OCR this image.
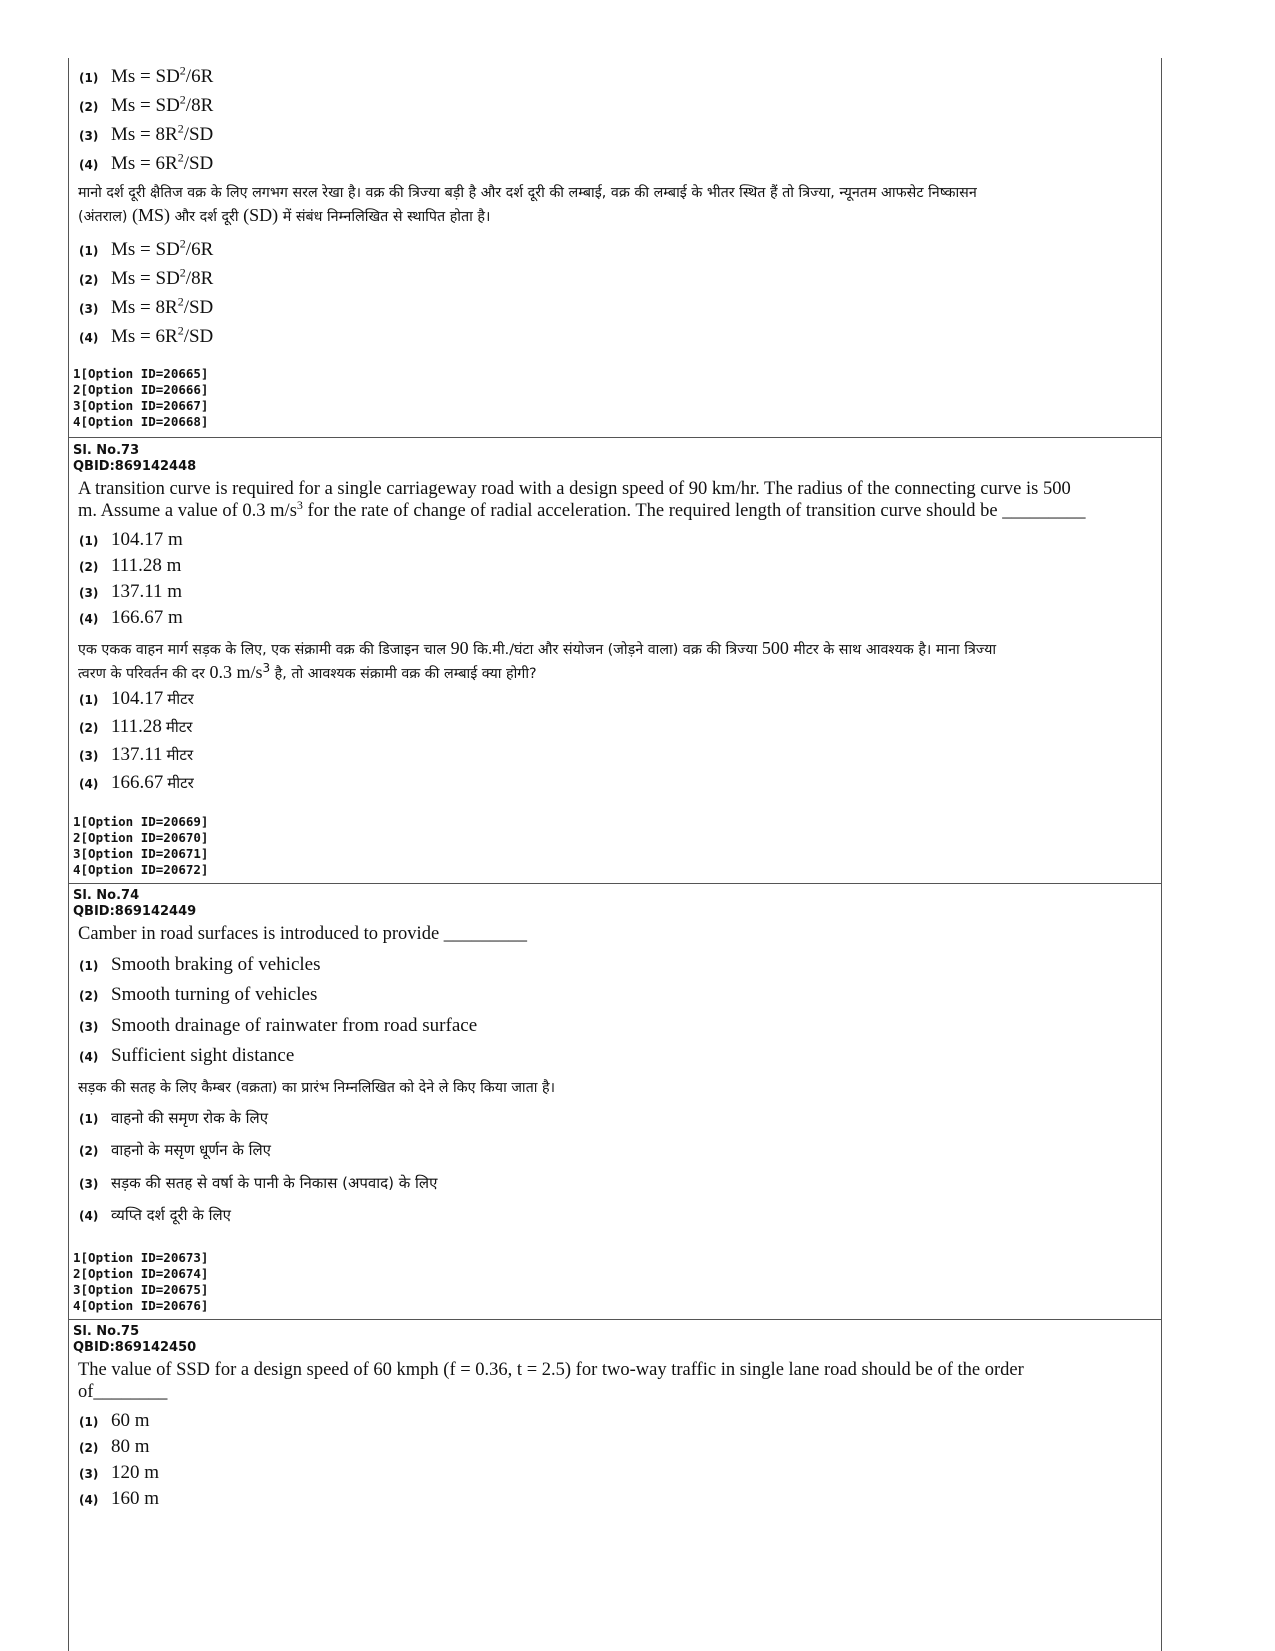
(1) $Ms = SD^2/6R$
(2) $Ms = SD^2/8R$
(3) $Ms = 8R^2/SD$
(4) $Ms = 6R^2/SD$
मानो दर्श दूरी क्षैतिज वक्र के लिए लगभग सरल रेखा है। वक्र की त्रिज्या बड़ी है और दर्श दूरी की लम्बाई, वक्र की लम्बाई के भीतर स्थित हैं तो त्रिज्या, न्यूनतम आफसेट निष्कासन
(अंतराल) (MS) और दर्श दूरी (SD) में संबंध निम्नलिखित से स्थापित होता है।
(1) $Ms = SD^2/6R$
(2) $Ms = SD^2/8R$
(3) $Ms = 8R^2/SD$
(4) $Ms = 6R^2/SD$
1[Option ID=20665]
2[Option ID=20666]
3[Option ID=20667]
4[Option ID=20668]
Sl. No.73
QBID:869142448
A transition curve is required for a single carriageway road with a design speed of 90 km/hr. The radius of the connecting curve is 500
m. Assume a value of 0.3 $m/s^3$ for the rate of change of radial acceleration. The required length of transition curve should be _________
(1) 104.17 m
(2) 111.28 m
(3) 137.11 m
(4) 166.67 m
एक एकक वाहन मार्ग सड़क के लिए, एक संक्रामी वक्र की डिजाइन चाल 90 कि.मी./घंटा और संयोजन (जोड़ने वाला) वक्र की त्रिज्या 500 मीटर के साथ आवश्यक है। माना त्रिज्या
त्वरण के परिवर्तन की दर 0.3 $m/s^3$ है, तो आवश्यक संक्रामी वक्र की लम्बाई क्या होगी?
(1) 104.17
मीटर
(2) 111.28
मीटर
(3) 137.11
मीटर
(4) 166.67
मीटर
1[Option ID=20669]
2[Option ID=20670]
3[Option ID=20671]
4[Option ID=20672]
Sl. No.74
QBID:869142449
Camber in road surfaces is introduced to provide _________
(1) Smooth braking of vehicles
(2) Smooth turning of vehicles
(3) Smooth drainage of rainwater from road surface
(4) Sufficient sight distance
सड़क की सतह के लिए कैम्बर (वक्रता) का प्रारंभ निम्नलिखित को देने ले किए किया जाता है।
(1) वाहनो की समृण रोक के लिए
(2) वाहनो के मसृण धूर्णन के लिए
(3) सड़क की सतह से वर्षा के पानी के निकास (अपवाद) के लिए
(4) व्यप्ति दर्श दूरी के लिए
1[Option ID=20673]
2[Option ID=20674]
3[Option ID=20675]
4[Option ID=20676]
Sl. No.75
QBID:869142450
The value of SSD for a design speed of 60 kmph (f = 0.36, t = 2.5) for two-way traffic in single lane road should be of the order
of________
(1) 60 m
(2) 80 m
(3) 120 m
(4) 160 m
